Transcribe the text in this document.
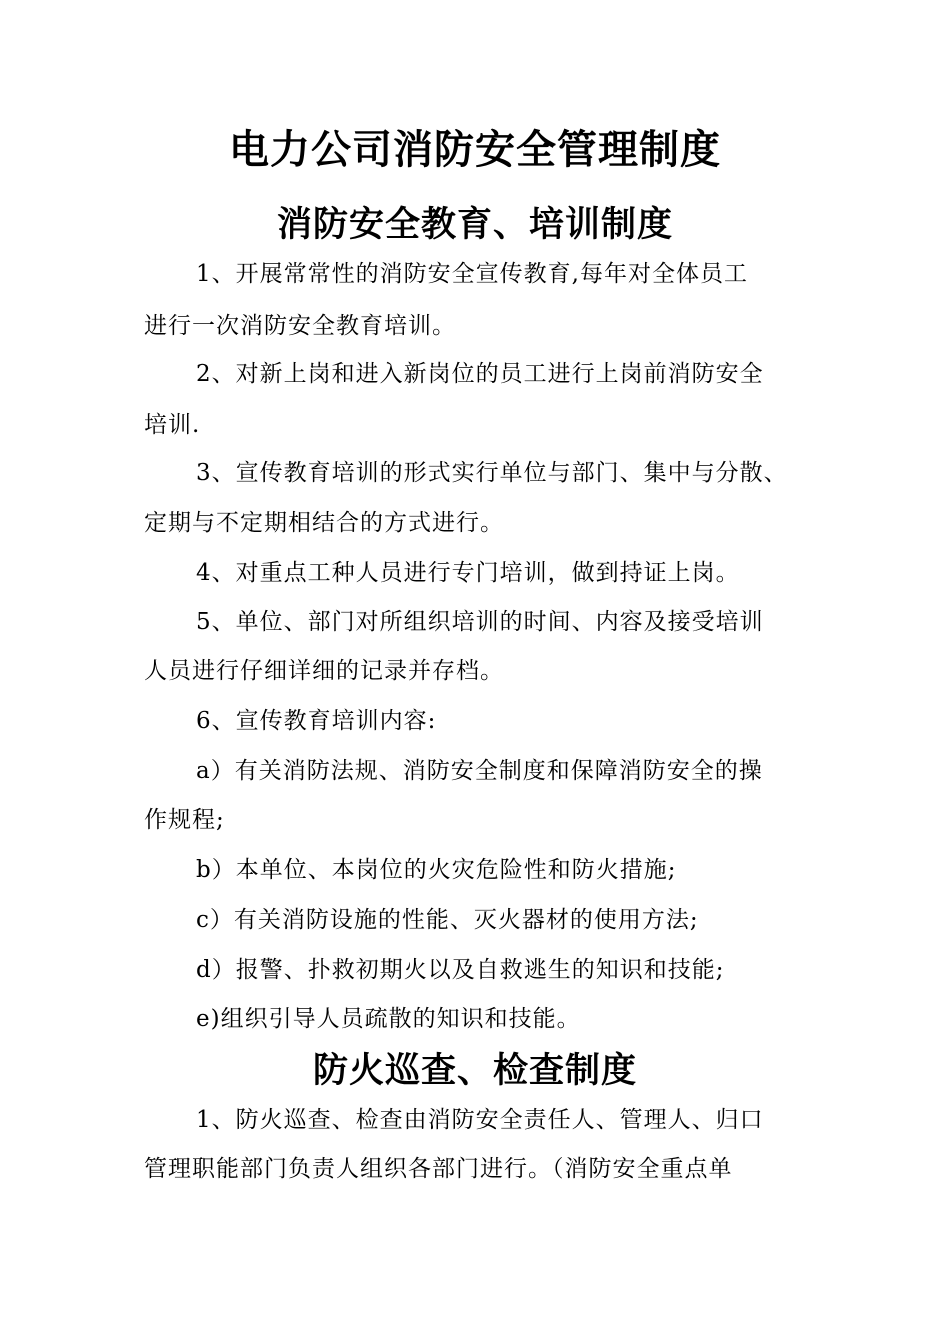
电力公司消防安全管理制度
消防安全教育、培训制度
1、开展常常性的消防安全宣传教育,每年对全体员工
进行一次消防安全教育培训。
2、对新上岗和进入新岗位的员工进行上岗前消防安全
培训.
3、宣传教育培训的形式实行单位与部门、集中与分散、
定期与不定期相结合的方式进行。
4、对重点工种人员进行专门培训，做到持证上岗。
5、单位、部门对所组织培训的时间、内容及接受培训
人员进行仔细详细的记录并存档。
6、宣传教育培训内容:
a）有关消防法规、消防安全制度和保障消防安全的操
作规程;
b）本单位、本岗位的火灾危险性和防火措施;
c）有关消防设施的性能、灭火器材的使用方法;
d）报警、扑救初期火以及自救逃生的知识和技能;
e)组织引导人员疏散的知识和技能。
防火巡查、检查制度
1、防火巡查、检查由消防安全责任人、管理人、归口
管理职能部门负责人组织各部门进行。（消防安全重点单
